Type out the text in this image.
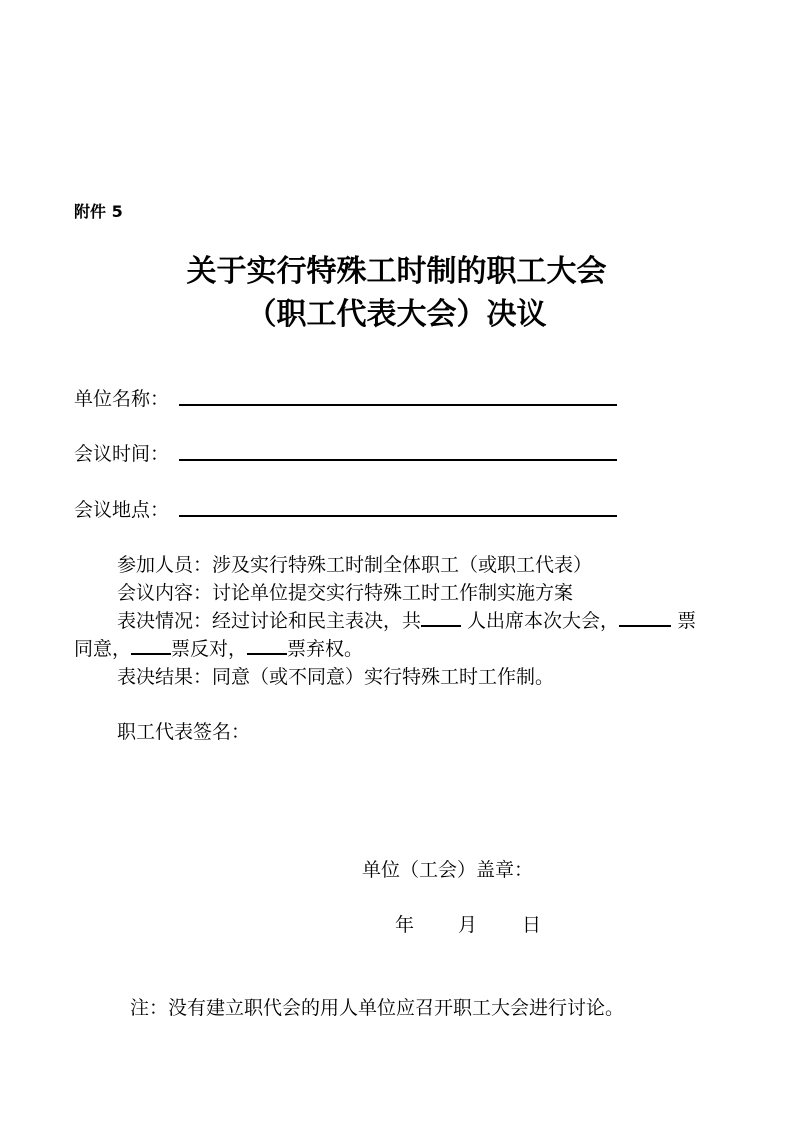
附件 5
关于实行特殊工时制的职工大会
（职工代表大会）决议
单位名称：
会议时间：
会议地点：
参加人员：涉及实行特殊工时制全体职工（或职工代表）
会议内容：讨论单位提交实行特殊工时工作制实施方案
表决情况：经过讨论和民主表决，共 人出席本次大会，	票
同意， 票反对， 票弃权。
表决结果：同意（或不同意）实行特殊工时工作制。
职工代表签名：
单位（工会）盖章：
年 月 日
注：没有建立职代会的用人单位应召开职工大会进行讨论。
